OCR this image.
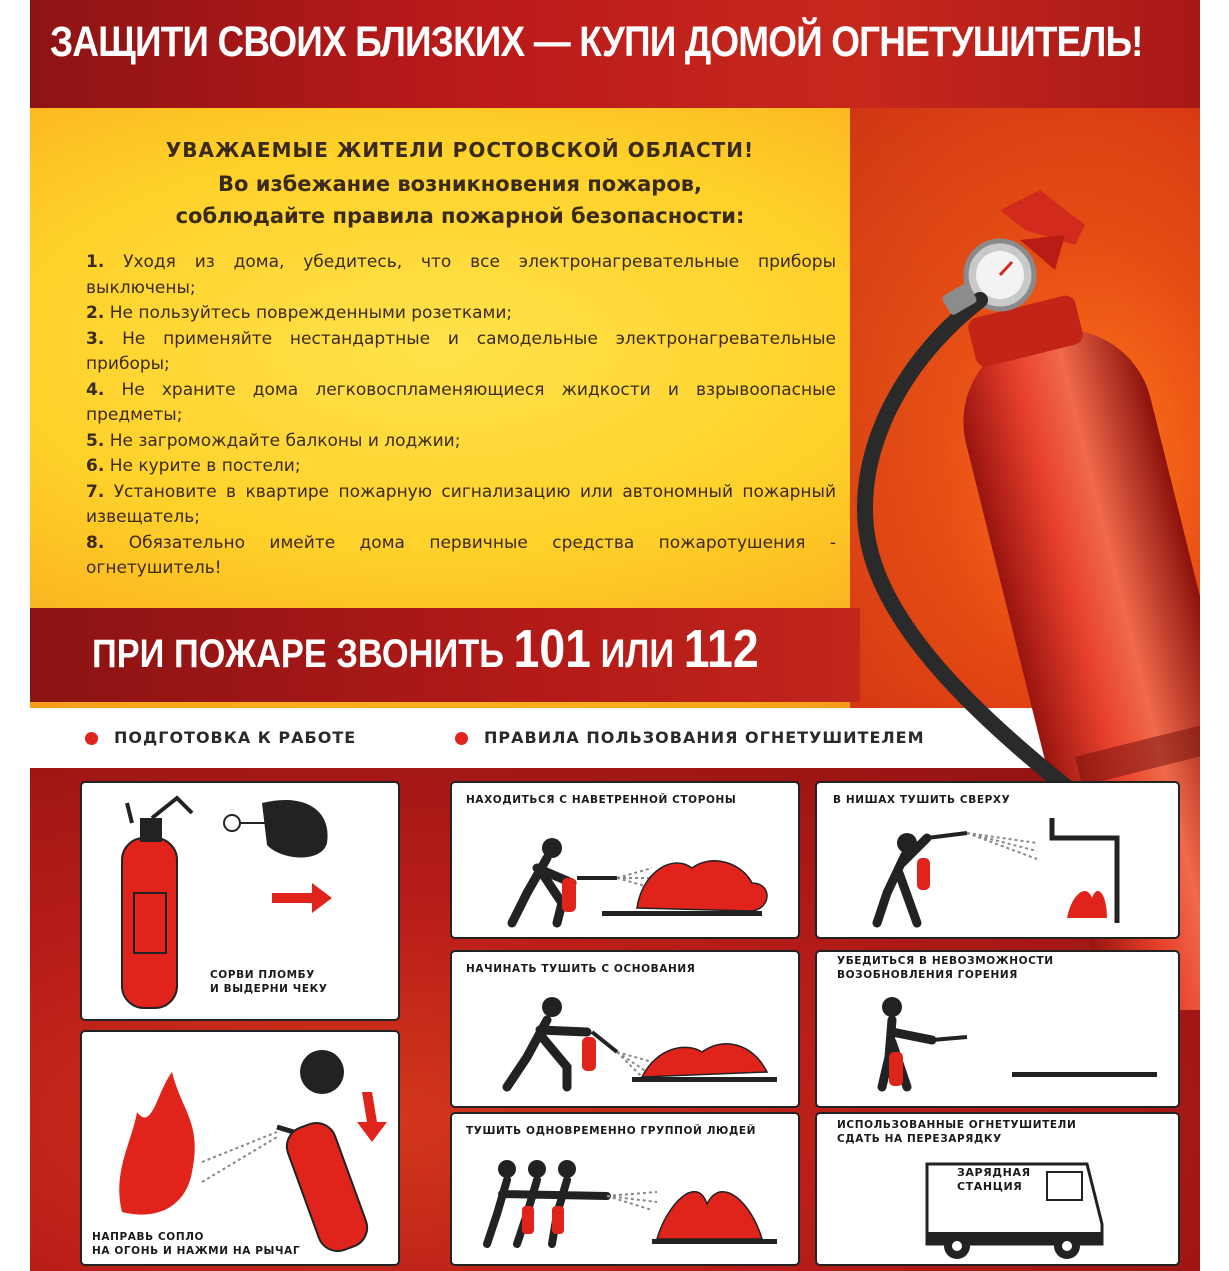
ЗАЩИТИ СВОИХ БЛИЗКИХ — КУПИ ДОМОЙ ОГНЕТУШИТЕЛЬ!
УВАЖАЕМЫЕ ЖИТЕЛИ РОСТОВСКОЙ ОБЛАСТИ!
Во избежание возникновения пожаров,
соблюдайте правила пожарной безопасности:

1. Уходя из дома, убедитесь, что все электронагревательные приборы выключены;

2. Не пользуйтесь поврежденными розетками;

3. Не применяйте нестандартные и самодельные электронагревательные приборы;

4. Не храните дома легковоспламеняющиеся жидкости и взрывоопасные предметы;

5. Не загромождайте балконы и лоджии;

6. Не курите в постели;

7. Установите в квартире пожарную сигнализацию или автономный пожарный извещатель;

8. Обязательно имейте дома первичные средства пожаротушения - огнетушитель!

ПРИ ПОЖАРЕ ЗВОНИТЬ 101 ИЛИ 112
ПОДГОТОВКА К РАБОТЕ	ПРАВИЛА ПОЛЬЗОВАНИЯ ОГНЕТУШИТЕЛЕМ
СОРВИ ПЛОМБУ
И ВЫДЕРНИ ЧЕКУ
НАПРАВЬ СОПЛО
НА ОГОНЬ И НАЖМИ НА РЫЧАГ
НАХОДИТЬСЯ С НАВЕТРЕННОЙ СТОРОНЫ	В НИШАХ ТУШИТЬ СВЕРХУ
НАЧИНАТЬ ТУШИТЬ С ОСНОВАНИЯ
УБЕДИТЬСЯ В НЕВОЗМОЖНОСТИ
ВОЗОБНОВЛЕНИЯ ГОРЕНИЯ
ТУШИТЬ ОДНОВРЕМЕННО ГРУППОЙ ЛЮДЕЙ	ИСПОЛЬЗОВАННЫЕ ОГНЕТУШИТЕЛИ
СДАТЬ НА ПЕРЕЗАРЯДКУ
ЗАРЯДНАЯ
СТАНЦИЯ
